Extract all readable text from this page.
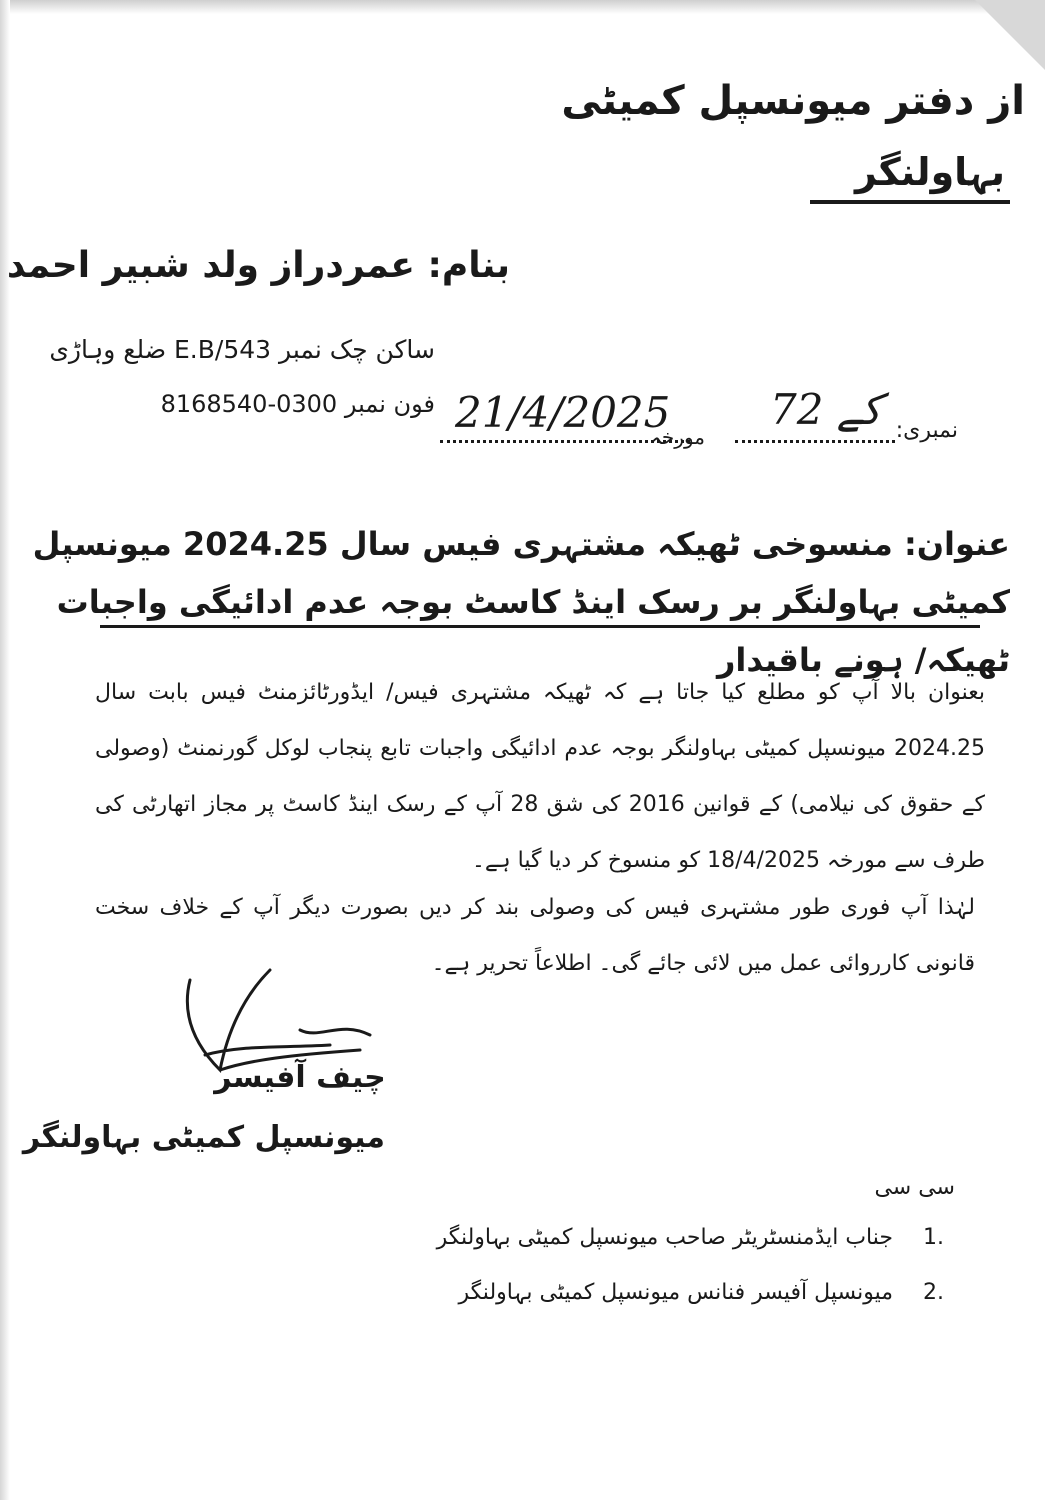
از دفتر میونسپل کمیٹی
بہاولنگر
بنام: عمردراز ولد شبیر احمد
ساکن چک نمبر 543/E.B ضلع وہاڑی
فون نمبر 0300-8168540
نمبری:
72 کے
مورخہ
21/4/2025
عنوان: منسوخی ٹھیکہ مشتہری فیس سال 2024.25 میونسپل کمیٹی بہاولنگر بر رسک اینڈ کاسٹ بوجہ عدم ادائیگی واجبات ٹھیکہ/ ہونے باقیدار
بعنوان بالا آپ کو مطلع کیا جاتا ہے کہ ٹھیکہ مشتہری فیس/ ایڈورٹائزمنٹ فیس بابت سال 2024.25 میونسپل کمیٹی بہاولنگر بوجہ عدم ادائیگی واجبات تابع پنجاب لوکل گورنمنٹ (وصولی کے حقوق کی نیلامی) کے قوانین 2016 کی شق 28 آپ کے رسک اینڈ کاسٹ پر مجاز اتھارٹی کی طرف سے مورخہ 18/4/2025 کو منسوخ کر دیا گیا ہے۔
لہٰذا آپ فوری طور مشتہری فیس کی وصولی بند کر دیں بصورت دیگر آپ کے خلاف سخت قانونی کارروائی عمل میں لائی جائے گی۔ اطلاعاً تحریر ہے۔
چیف آفیسر
میونسپل کمیٹی بہاولنگر
سی سی
1.جناب ایڈمنسٹریٹر صاحب میونسپل کمیٹی بہاولنگر
2.میونسپل آفیسر فنانس میونسپل کمیٹی بہاولنگر
